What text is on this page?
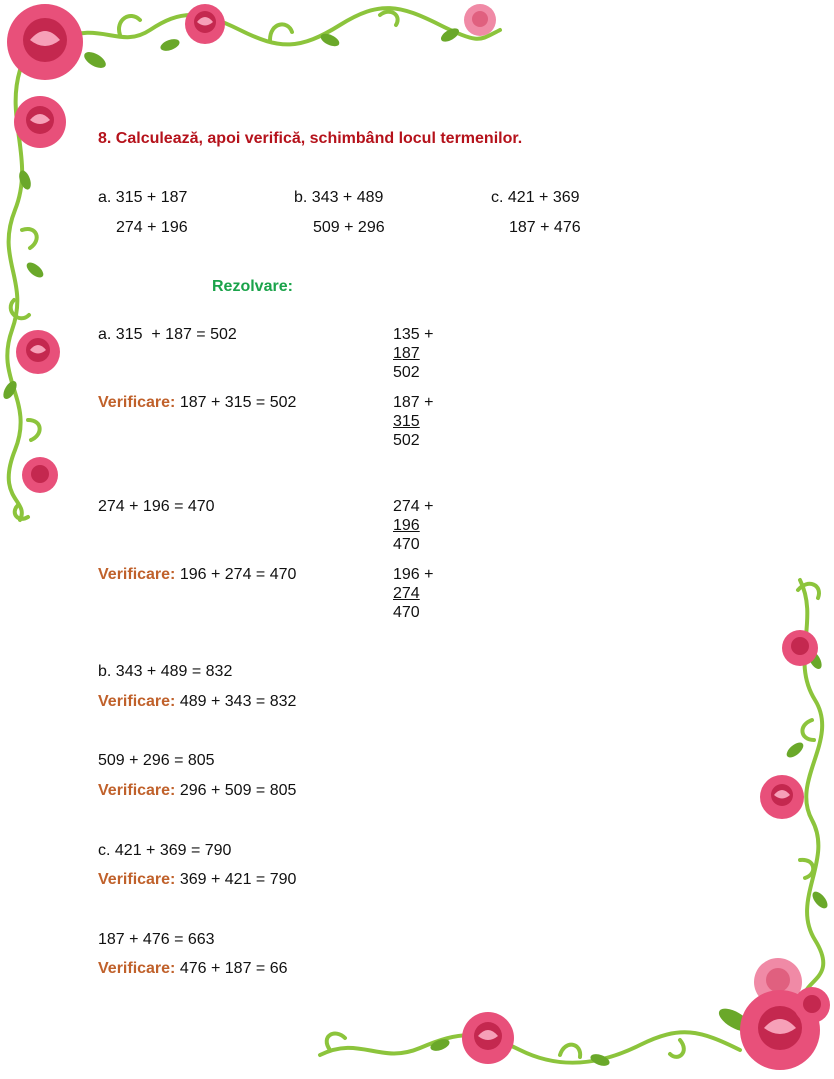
8. Calculează, apoi verifică, schimbând locul termenilor.
a. 315 + 187
274 + 196
b. 343 + 489
509 + 296
c. 421 + 369
187 + 476
Rezolvare:
a. 315  + 187 = 502	135 +
187
502
Verificare: 187 + 315 = 502	187 +
315
502
274 + 196 = 470	274 +
196
470
Verificare: 196 + 274 = 470	196 +
274
470
b. 343 + 489 = 832
Verificare: 489 + 343 = 832
509 + 296 = 805
Verificare: 296 + 509 = 805
c. 421 + 369 = 790
Verificare: 369 + 421 = 790
187 + 476 = 663
Verificare: 476 + 187 = 66
